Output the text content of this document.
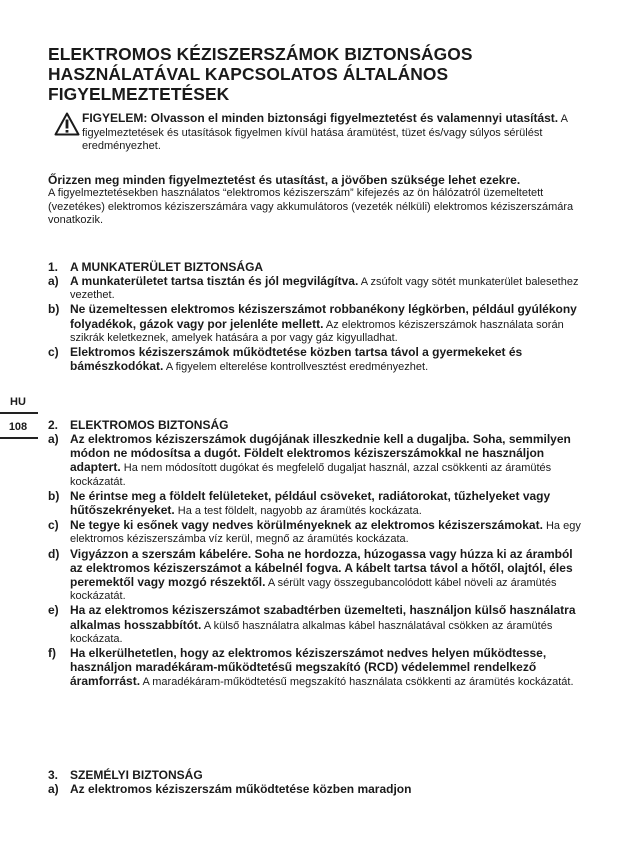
ELEKTROMOS KÉZISZERSZÁMOK BIZTONSÁGOS HASZNÁLATÁVAL KAPCSOLATOS ÁLTALÁNOS FIGYELMEZTETÉSEK
FIGYELEM: Olvasson el minden biztonsági figyelmeztetést és valamennyi utasítást. A figyelmeztetések és utasítások figyelmen kívül hatása áramütést, tüzet és/vagy súlyos sérülést eredményezhet.
Őrizzen meg minden figyelmeztetést és utasítást, a jövőben szüksége lehet ezekre.
A figyelmeztetésekben használatos “elektromos kéziszerszám” kifejezés az ön hálózatról üzemeltetett (vezetékes) elektromos kéziszerszámára vagy akkumulátoros (vezeték nélküli) elektromos kéziszerszámára vonatkozik.
1. A MUNKATERÜLET BIZTONSÁGA
a) A munkaterületet tartsa tisztán és jól megvilágítva. A zsúfolt vagy sötét munkaterület balesethez vezethet.
b) Ne üzemeltessen elektromos kéziszerszámot robbanékony légkörben, például gyúlékony folyadékok, gázok vagy por jelenléte mellett. Az elektromos kéziszerszámok használata során szikrák keletkeznek, amelyek hatására a por vagy gáz kigyulladhat.
c) Elektromos kéziszerszámok működtetése közben tartsa távol a gyermekeket és bámészkodókat. A figyelem elterelése kontrollvesztést eredményezhet.
2. ELEKTROMOS BIZTONSÁG
a) Az elektromos kéziszerszámok dugójának illeszkednie kell a dugaljba. Soha, semmilyen módon ne módosítsa a dugót. Földelt elektromos kéziszerszámokkal ne használjon adaptert. Ha nem módosított dugókat és megfelelő dugaljat használ, azzal csökkenti az áramütés kockázatát.
b) Ne érintse meg a földelt felületeket, például csöveket, radiátorokat, tűzhelyeket vagy hűtőszekrényeket. Ha a test földelt, nagyobb az áramütés kockázata.
c) Ne tegye ki esőnek vagy nedves körülményeknek az elektromos kéziszerszámokat. Ha egy elektromos kéziszerszámba víz kerül, megnő az áramütés kockázata.
d) Vigyázzon a szerszám kábelére. Soha ne hordozza, húzogassa vagy húzza ki az áramból az elektromos kéziszerszámot a kábelnél fogva. A kábelt tartsa távol a hőtől, olajtól, éles peremektől vagy mozgó részektől. A sérült vagy összegubancolódott kábel növeli az áramütés kockázatát.
e) Ha az elektromos kéziszerszámot szabadtérben üzemelteti, használjon külső használatra alkalmas hosszabbítót. A külső használatra alkalmas kábel használatával csökken az áramütés kockázata.
f)	Ha elkerülhetetlen, hogy az elektromos kéziszerszámot nedves helyen működtesse, használjon maradékáram-működtetésű megszakító (RCD) védelemmel rendelkező áramforrást. A maradékáram-működtetésű megszakító használata csökkenti az áramütés kockázatát.
3. SZEMÉLYI BIZTONSÁG
a) Az elektromos kéziszerszám működtetése közben maradjon
HU
108
